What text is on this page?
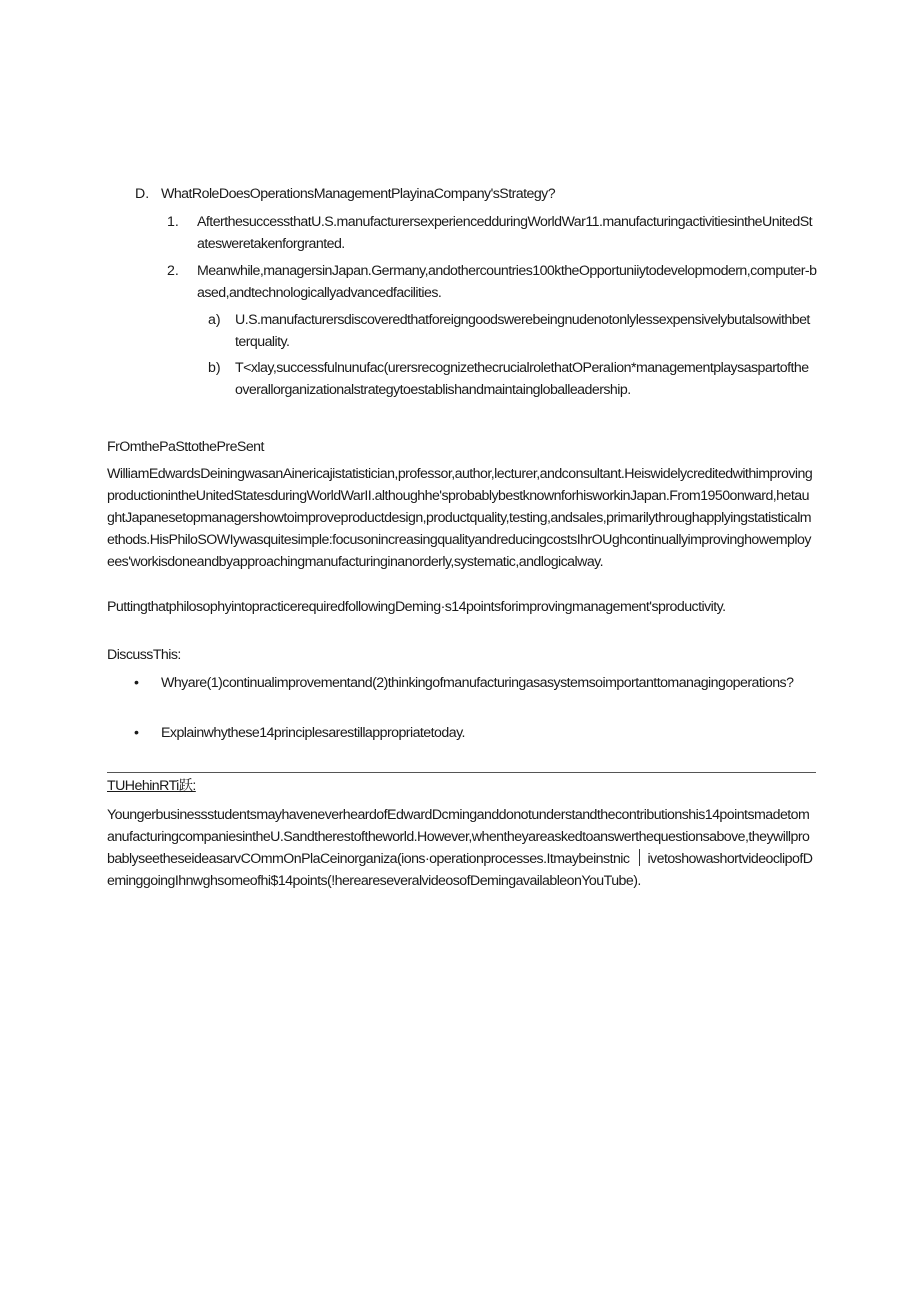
D. WhatRoleDoesOperationsManagementPlayinaCompany'sStrategy?

1. AfterthesuccessthatU.S.manufacturersexperiencedduringWorldWar11.manufacturingactivitiesintheUnitedStatesweretakenforgranted.

2. Meanwhile,managersinJapan.Germany,andothercountries100ktheOpportuniiytodevelopmodern,computer-based,andtechnologicallyadvancedfacilities.

a) U.S.manufacturersdiscoveredthatforeigngoodswerebeingnudenotonlylessexpensivelybutalsowithbetterquality.

b) T<xlay,successfulnunufac(urersrecognizethecrucialrolethatOPeraIion*managementplaysaspartoftheoverallorganizationalstrategytoestablishandmaintaingloballeadership.

FrOmthePaSttothePreSent

WilliamEdwardsDeiningwasanAinericajistatistician,professor,author,lecturer,andconsultant.HeiswidelycreditedwithimprovingproductionintheUnitedStatesduringWorldWarII.althoughhe'sprobablybestknownforhisworkinJapan.From1950onward,hetaughtJapanesetopmanagershowtoimproveproductdesign,productquality,testing,andsales,primarilythroughapplyingstatisticalmethods.HisPhiloSOWIywasquitesimple:focusonincreasingqualityandreducingcostsIhrOUghcontinuallyimprovinghowemployees'workisdoneandbyapproachingmanufacturinginanorderly,systematic,andlogicalway.

PuttingthatphilosophyintopracticerequiredfollowingDeming·s14pointsforimprovingmanagement'sproductivity.

DiscussThis:

• Whyare(1)continualimprovementand(2)thinkingofmanufacturingasasystemsoimportanttomanagingoperations?

• Explainwhythese14principlesarestillappropriatetoday.

TUHehinRTi跃:

YoungerbusinessstudentsmayhaveneverheardofEdwardDcminganddonotunderstandthecontributionshis14pointsmadetomanufacturingcompaniesintheU.Sandtherestoftheworld.However,whentheyareaskedtoanswerthequestionsabove,theywillprobablyseetheseideasarvCOmmOnPlaCeinorganiza(ions·operationprocesses.Itmaybeinstnic ivetoshowashortvideoclipofDeminggoingIhnwghsomeofhi$14points(!hereareseveralvideosofDemingavailableonYouTube).
